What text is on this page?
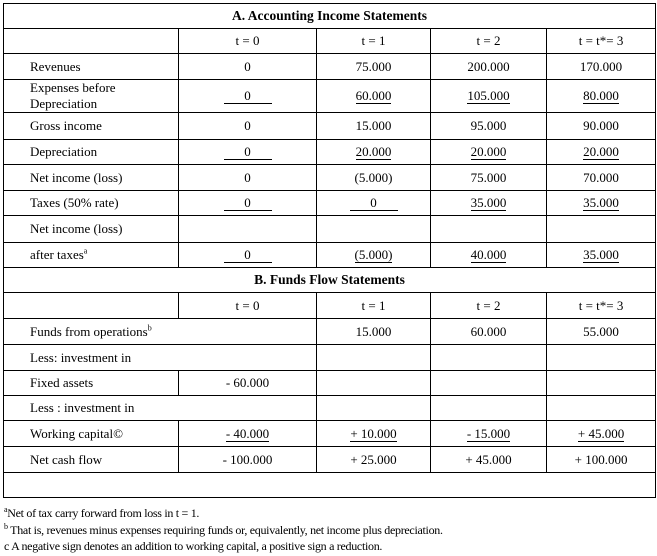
A. Accounting Income Statements				
	t = 0	t = 1	t = 2	t = t*= 3
Revenues	0	75.000	200.000	170.000
Expenses before
Depreciation	0	60.000	105.000	80.000
Gross income	0	15.000	95.000	90.000
Depreciation	0	20.000	20.000	20.000
Net income (loss)	0	(5.000)	75.000	70.000
Taxes (50% rate)	0	0	35.000	35.000
Net income (loss)				
after taxes$^a$	0	(5.000)	40.000	35.000
B. Funds Flow Statements				
	t = 0	t = 1	t = 2	t = t*= 3
Funds from operations$^b$		15.000	60.000	55.000
Less: investment in				
Fixed assets	- 60.000			
Less : investment in				
Working capital©	- 40.000	+ 10.000	- 15.000	+ 45.000
Net cash flow	- 100.000	+ 25.000	+ 45.000	+ 100.000

$^a$Net of tax carry forward from loss in t = 1.
$^b$ That is, revenues minus expenses requiring funds or, equivalently, net income plus depreciation.
c A negative sign denotes an addition to working capital, a positive sign a reduction.
